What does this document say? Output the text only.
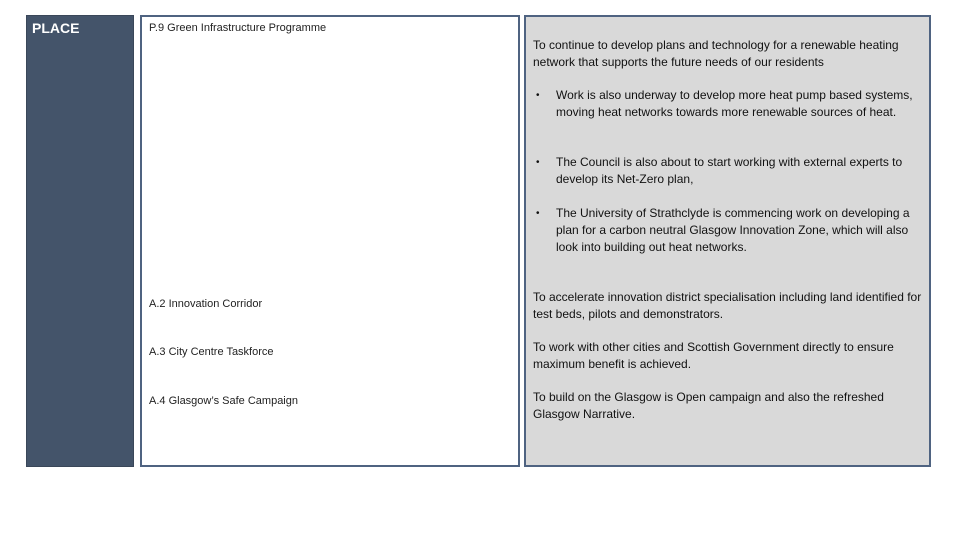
PLACE	P.9 Green Infrastructure Programme
A.2 Innovation Corridor
A.3 City Centre Taskforce
A.4 Glasgow’s Safe Campaign
To continue to develop plans and technology for a renewable heating network that supports the future needs of our residents
• Work is also underway to develop more heat pump based systems, moving heat networks towards more renewable sources of heat.
• The Council is also about to start working with external experts to develop its Net-Zero plan,
• The University of Strathclyde is commencing work on developing a plan for a carbon neutral Glasgow Innovation Zone, which will also look into building out heat networks.
To accelerate innovation district specialisation including land identified for test beds, pilots and demonstrators.
To work with other cities and Scottish Government directly to ensure maximum benefit is achieved.
To build on the Glasgow is Open campaign and also the refreshed Glasgow Narrative.
